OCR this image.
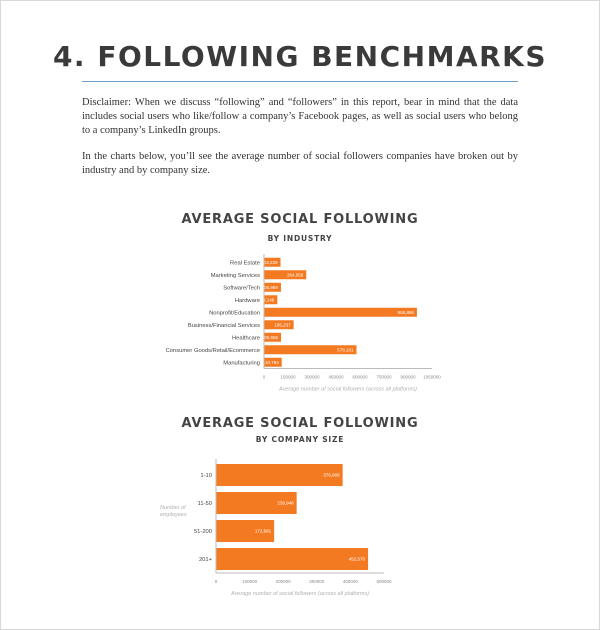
4. FOLLOWING BENCHMARKS

Disclaimer: When we discuss “following” and “followers” in this report, bear in mind that the data includes social users who like/follow a company’s Facebook pages, as well as social users who belong to a company’s LinkedIn groups.

In the charts below, you’ll see the average number of social followers companies have broken out by industry and by company size.

AVERAGE SOCIAL FOLLOWING
BY INDUSTRY
Real Estate 103,229
Marketing Services	264,058
Software/Tech 105,969
Hardware 83,148
Nonprofit/Education	955,856
Business/Financial Services	185,237
Healthcare 106,556
Consumer Goods/Retail/Ecommerce	578,101
Manufacturing 110,794
0	150000 300000 450000 600000 750000 900000 1050000
Average number of social followers (across all platforms)
AVERAGE SOCIAL FOLLOWING
BY COMPANY SIZE
1-10	376,908
11-50	239,948
51-200	172,991
201+	452,570
0	100000	200000	300000	400000	500000
Average number of social followers (across all platforms)
Number of employees
